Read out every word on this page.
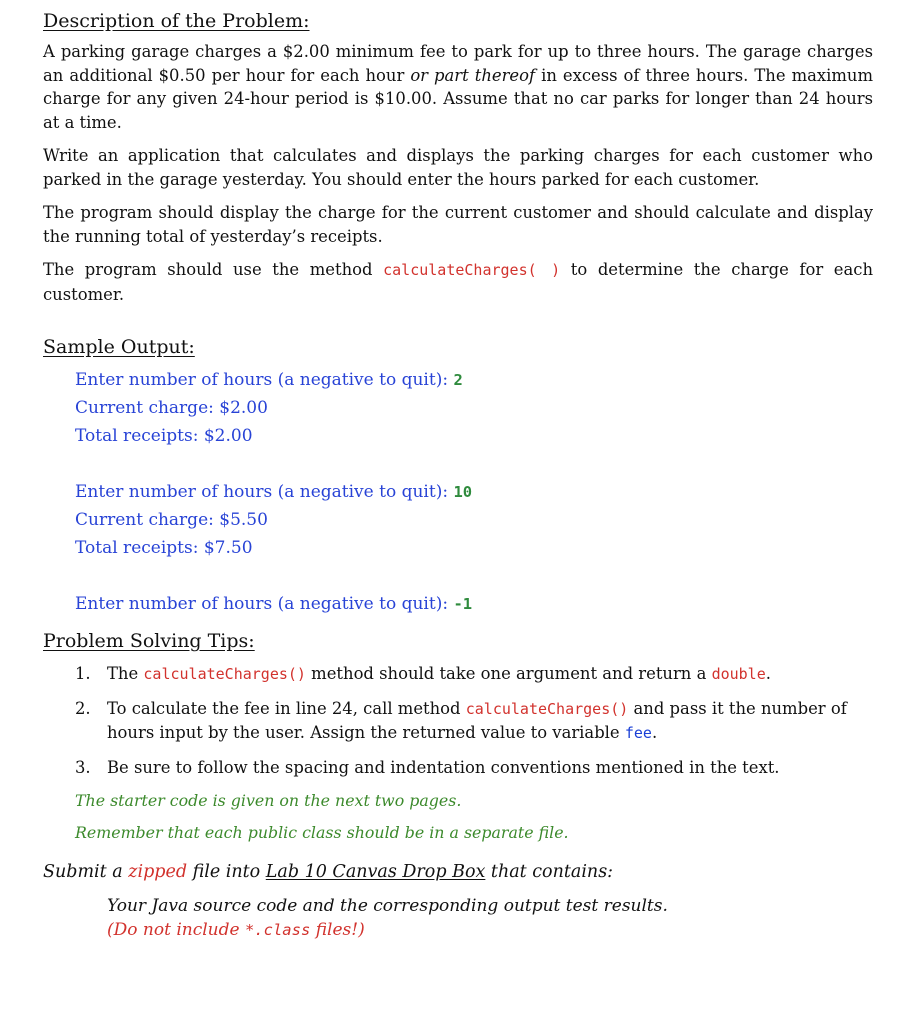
Description of the Problem:

A parking garage charges a $2.00 minimum fee to park for up to three hours. The garage charges an additional $0.50 per hour for each hour or part thereof in excess of three hours. The maximum charge for any given 24-hour period is $10.00. Assume that no car parks for longer than 24 hours at a time.

Write an application that calculates and displays the parking charges for each customer who parked in the garage yesterday. You should enter the hours parked for each customer.

The program should display the charge for the current customer and should calculate and display the running total of yesterday’s receipts.

The program should use the method calculateCharges( ) to determine the charge for each customer.

Sample Output:
Enter number of hours (a negative to quit): 2
Current charge: $2.00
Total receipts: $2.00
Enter number of hours (a negative to quit): 10
Current charge: $5.50
Total receipts: $7.50
Enter number of hours (a negative to quit): -1
Problem Solving Tips:
1. The calculateCharges() method should take one argument and return a double.
2. To calculate the fee in line 24, call method calculateCharges() and pass it the number of hours input by the user. Assign the returned value to variable fee.
3. Be sure to follow the spacing and indentation conventions mentioned in the text.
The starter code is given on the next two pages.
Remember that each public class should be in a separate file.
Submit a zipped file into Lab 10 Canvas Drop Box that contains:
Your Java source code and the corresponding output test results.
(Do not include *.class files!)
